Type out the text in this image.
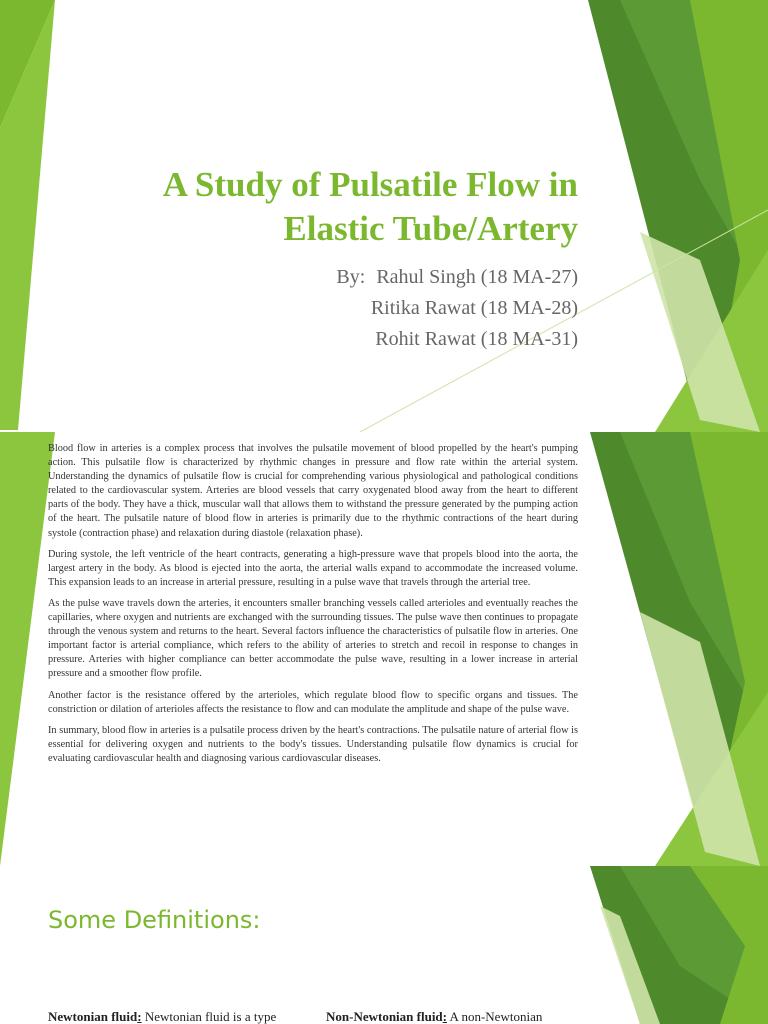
A Study of Pulsatile Flow in
Elastic Tube/Artery
By: Rahul Singh (18 MA-27)
Ritika Rawat (18 MA-28)
Rohit Rawat (18 MA-31)

Blood flow in arteries is a complex process that involves the pulsatile movement of blood propelled by the heart's pumping action. This pulsatile flow is characterized by rhythmic changes in pressure and flow rate within the arterial system. Understanding the dynamics of pulsatile flow is crucial for comprehending various physiological and pathological conditions related to the cardiovascular system. Arteries are blood vessels that carry oxygenated blood away from the heart to different parts of the body. They have a thick, muscular wall that allows them to withstand the pressure generated by the pumping action of the heart. The pulsatile nature of blood flow in arteries is primarily due to the rhythmic contractions of the heart during systole (contraction phase) and relaxation during diastole (relaxation phase).

During systole, the left ventricle of the heart contracts, generating a high-pressure wave that propels blood into the aorta, the largest artery in the body. As blood is ejected into the aorta, the arterial walls expand to accommodate the increased volume. This expansion leads to an increase in arterial pressure, resulting in a pulse wave that travels through the arterial tree.

As the pulse wave travels down the arteries, it encounters smaller branching vessels called arterioles and eventually reaches the capillaries, where oxygen and nutrients are exchanged with the surrounding tissues. The pulse wave then continues to propagate through the venous system and returns to the heart. Several factors influence the characteristics of pulsatile flow in arteries. One important factor is arterial compliance, which refers to the ability of arteries to stretch and recoil in response to changes in pressure. Arteries with higher compliance can better accommodate the pulse wave, resulting in a lower increase in arterial pressure and a smoother flow profile.

Another factor is the resistance offered by the arterioles, which regulate blood flow to specific organs and tissues. The constriction or dilation of arterioles affects the resistance to flow and can modulate the amplitude and shape of the pulse wave.

In summary, blood flow in arteries is a pulsatile process driven by the heart's contractions. The pulsatile nature of arterial flow is essential for delivering oxygen and nutrients to the body's tissues. Understanding pulsatile flow dynamics is crucial for evaluating cardiovascular health and diagnosing various cardiovascular diseases.

Some Definitions:
Newtonian fluid: Newtonian fluid is a type	Non-Newtonian fluid: A non-Newtonian
